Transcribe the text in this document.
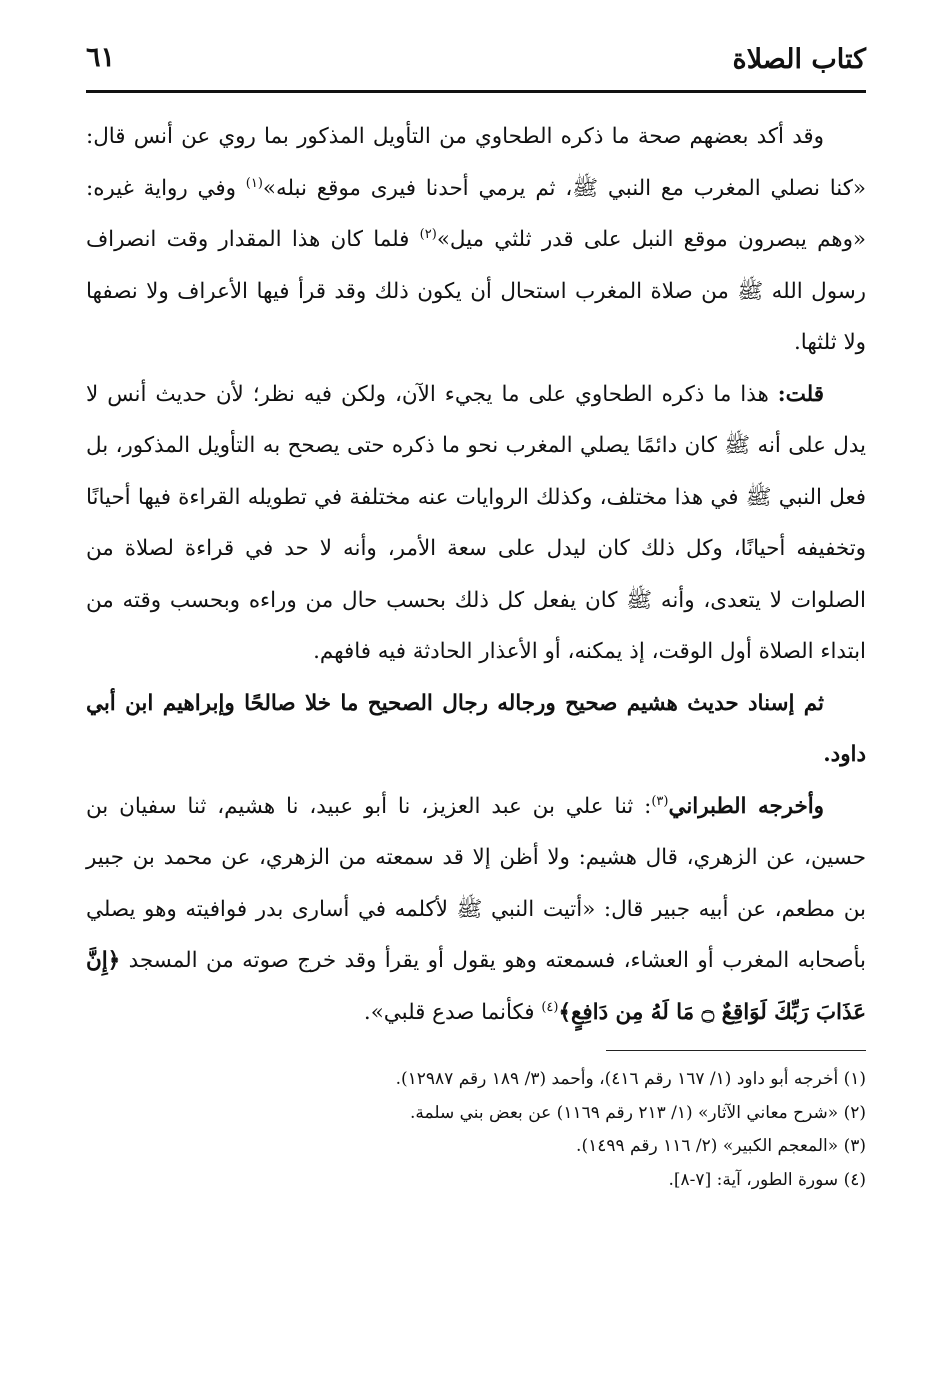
كتاب الصلاة
٦١

وقد أكد بعضهم صحة ما ذكره الطحاوي من التأويل المذكور بما روي عن أنس قال: «كنا نصلي المغرب مع النبي ﷺ، ثم يرمي أحدنا فيرى موقع نبله»$^{(١)}$ وفي رواية غيره: «وهم يبصرون موقع النبل على قدر ثلثي ميل»$^{(٢)}$ فلما كان هذا المقدار وقت انصراف رسول الله ﷺ من صلاة المغرب استحال أن يكون ذلك وقد قرأ فيها الأعراف ولا نصفها ولا ثلثها.

قلت: هذا ما ذكره الطحاوي على ما يجيء الآن، ولكن فيه نظر؛ لأن حديث أنس لا يدل على أنه ﷺ كان دائمًا يصلي المغرب نحو ما ذكره حتى يصحح به التأويل المذكور، بل فعل النبي ﷺ في هذا مختلف، وكذلك الروايات عنه مختلفة في تطويله القراءة فيها أحيانًا وتخفيفه أحيانًا، وكل ذلك كان ليدل على سعة الأمر، وأنه لا حد في قراءة لصلاة من الصلوات لا يتعدى، وأنه ﷺ كان يفعل كل ذلك بحسب حال من وراءه وبحسب وقته من ابتداء الصلاة أول الوقت، إذ يمكنه، أو الأعذار الحادثة فيه فافهم.

ثم إسناد حديث هشيم صحيح ورجاله رجال الصحيح ما خلا صالحًا وإبراهيم ابن أبي داود.

وأخرجه الطبراني$^{(٣)}$: ثنا علي بن عبد العزيز، نا أبو عبيد، نا هشيم، ثنا سفيان بن حسين، عن الزهري، قال هشيم: ولا أظن إلا قد سمعته من الزهري، عن محمد بن جبير بن مطعم، عن أبيه جبير قال: «أتيت النبي ﷺ لأكلمه في أسارى بدر فوافيته وهو يصلي بأصحابه المغرب أو العشاء، فسمعته وهو يقول أو يقرأ وقد خرج صوته من المسجد ﴿إِنَّ عَذَابَ رَبِّكَ لَوَاقِعٌ ۝ مَا لَهُ مِن دَافِعٍ﴾$^{(٤)}$ فكأنما صدع قلبي».

(١) أخرجه أبو داود (١/ ١٦٧ رقم ٤١٦)، وأحمد (٣/ ١٨٩ رقم ١٢٩٨٧).

(٢) «شرح معاني الآثار» (١/ ٢١٣ رقم ١١٦٩) عن بعض بني سلمة.

(٣) «المعجم الكبير» (٢/ ١١٦ رقم ١٤٩٩).

(٤) سورة الطور، آية: [٧-٨].
